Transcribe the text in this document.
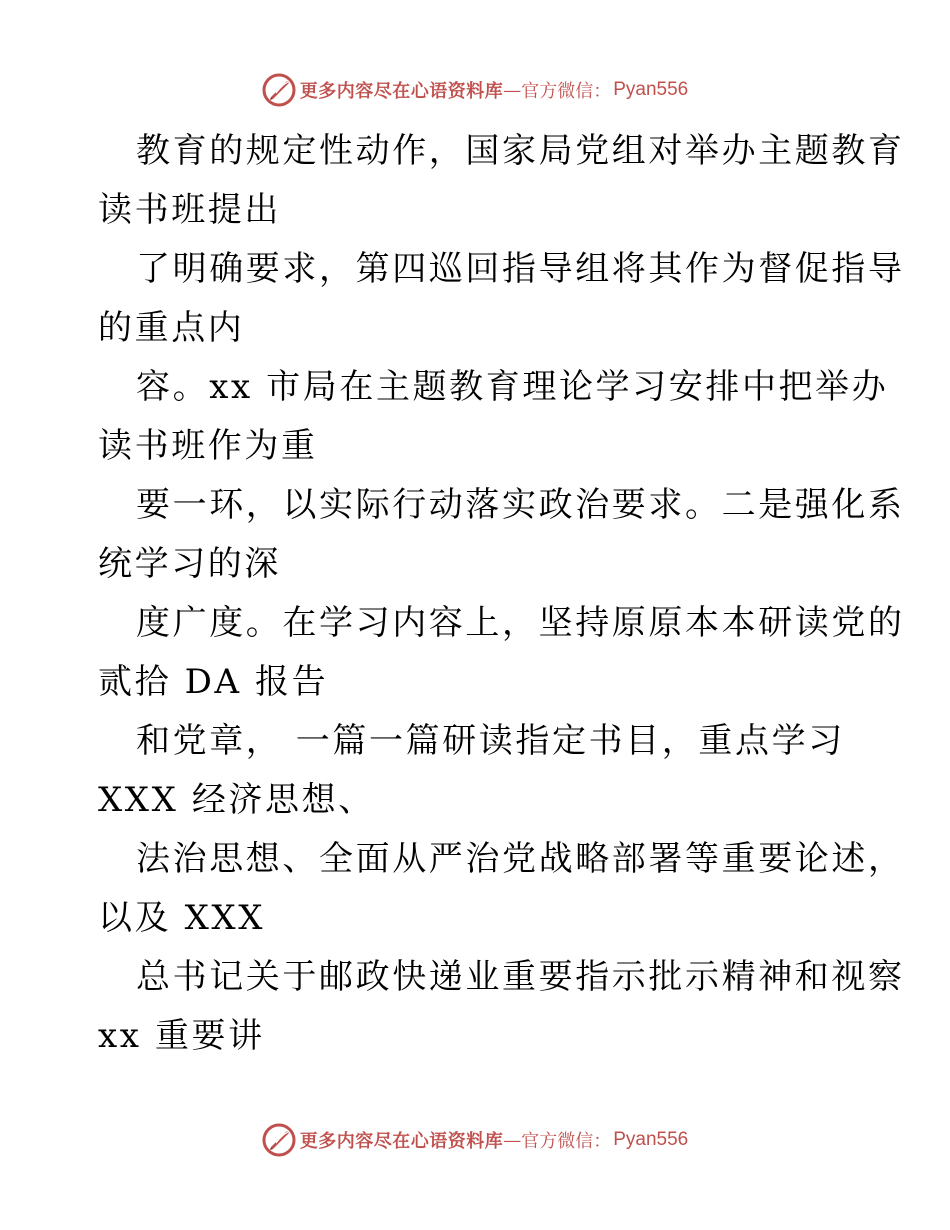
更多内容尽在心语资料库 — 官方微信： Pyan556

教育的规定性动作，国家局党组对举办主题教育
读书班提出

了明确要求，第四巡回指导组将其作为督促指导
的重点内

容。xx 市局在主题教育理论学习安排中把举办
读书班作为重

要一环，以实际行动落实政治要求。二是强化系
统学习的深

度广度。在学习内容上，坚持原原本本研读党的
贰拾 DA 报告

和党章， 一篇一篇研读指定书目，重点学习
XXX 经济思想、

法治思想、全面从严治党战略部署等重要论述，
以及 XXX

总书记关于邮政快递业重要指示批示精神和视察
xx 重要讲

更多内容尽在心语资料库 — 官方微信： Pyan556
